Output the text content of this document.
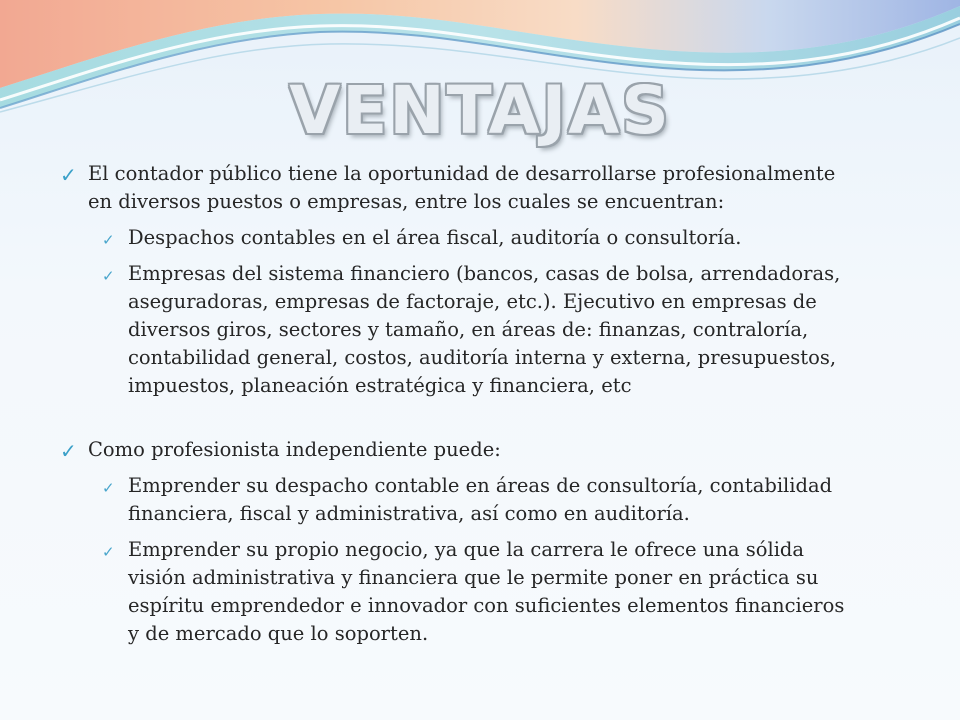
VENTAJAS
✓ El contador público tiene la oportunidad de desarrollarse profesionalmente en diversos puestos o empresas, entre los cuales se encuentran:
✓ Despachos contables en el área fiscal, auditoría o consultoría.
✓ Empresas del sistema financiero (bancos, casas de bolsa, arrendadoras, aseguradoras, empresas de factoraje, etc.). Ejecutivo en empresas de diversos giros, sectores y tamaño, en áreas de: finanzas, contraloría, contabilidad general, costos, auditoría interna y externa, presupuestos, impuestos, planeación estratégica y financiera, etc
✓ Como profesionista independiente puede:
✓ Emprender su despacho contable en áreas de consultoría, contabilidad financiera, fiscal y administrativa, así como en auditoría.
✓ Emprender su propio negocio, ya que la carrera le ofrece una sólida visión administrativa y financiera que le permite poner en práctica su espíritu emprendedor e innovador con suficientes elementos financieros y de mercado que lo soporten.
